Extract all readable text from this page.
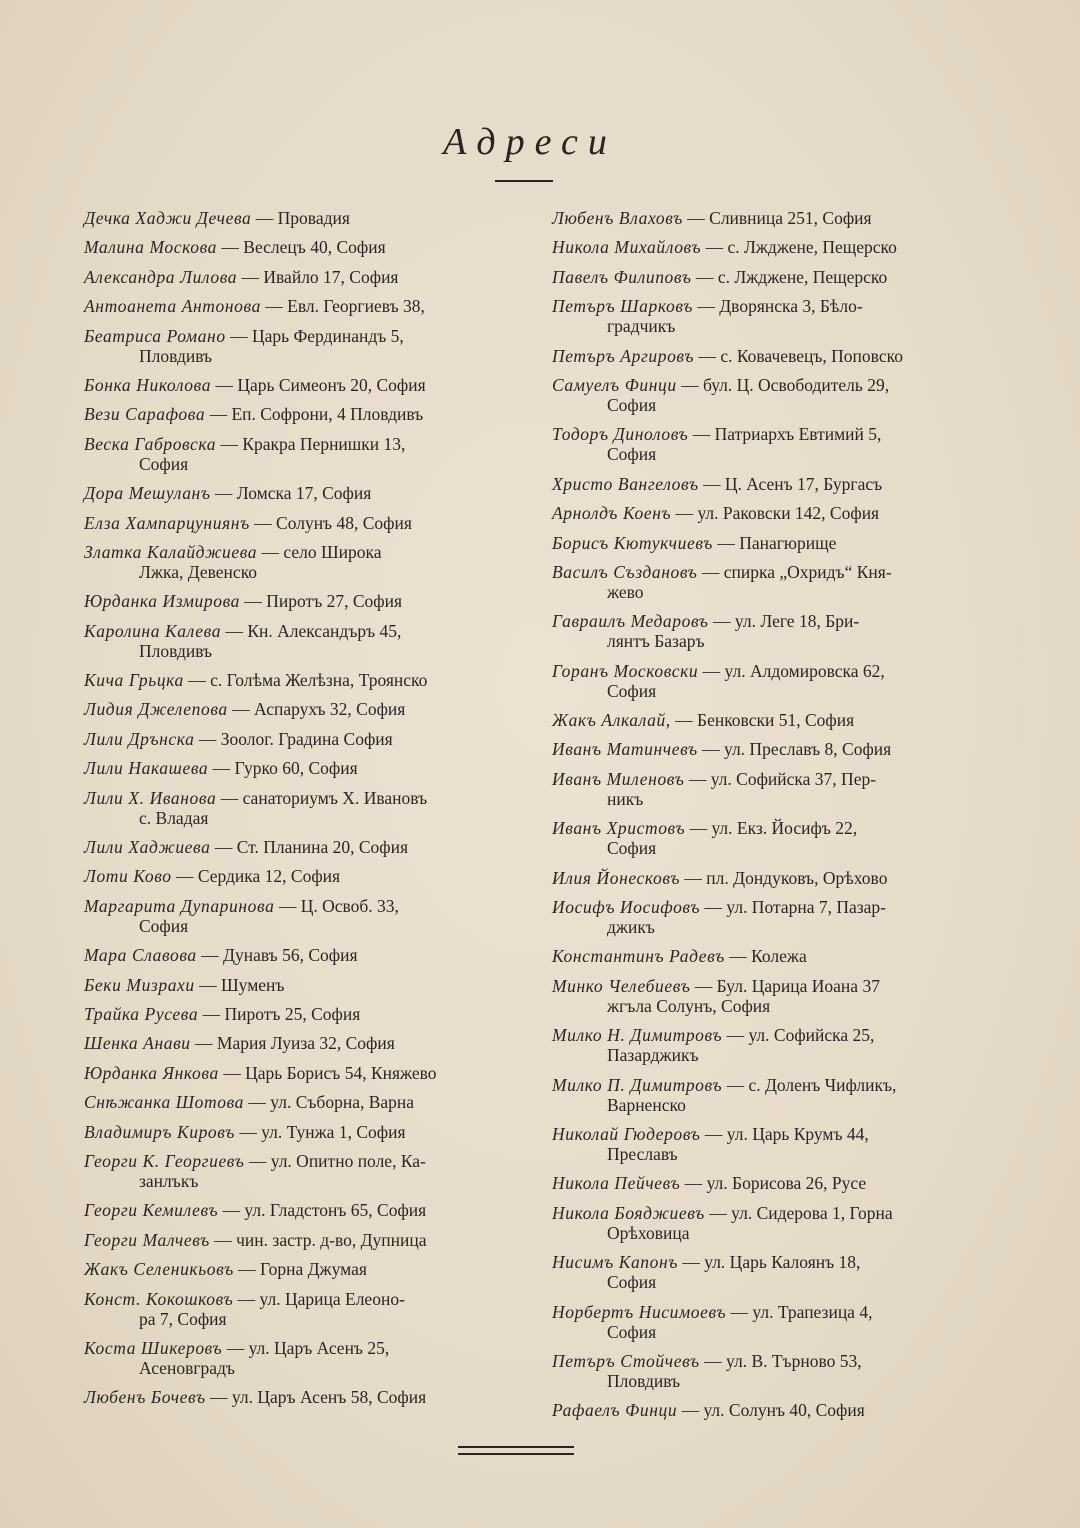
Адреси
Дечка Хаджи Дечева — Провадия
Малина Москова — Веслецъ 40, София
Александра Лилова — Ивайло 17, София
Антоанета Антонова — Евл. Георгиевъ 38,
Беатриса Романо — Царь Фердинандъ 5,
Пловдивъ
Бонка Николова — Царь Симеонъ 20, София
Вези Сарафова — Еп. Софрони, 4 Пловдивъ
Веска Габровска — Кракра Пернишки 13,
София
Дора Мешуланъ — Ломска 17, София
Елза Хампарцуниянъ — Солунъ 48, София
Златка Калайджиева — село Широка
Лжка, Девенско
Юрданка Измирова — Пиротъ 27, София
Каролина Калева — Кн. Александъръ 45,
Пловдивъ
Кича Грьцка — с. Голѣма Желѣзна, Троянско
Лидия Джелепова — Аспарухъ 32, София
Лили Дрънска — Зоолог. Градина София
Лили Накашева — Гурко 60, София
Лили Х. Иванова — санаториумъ Х. Ивановъ
с. Владая
Лили Хаджиева — Ст. Планина 20, София
Лоти Ково — Сердика 12, София
Маргарита Дупаринова — Ц. Освоб. 33,
София
Мара Славова — Дунавъ 56, София
Беки Мизрахи — Шуменъ
Трайка Русева — Пиротъ 25, София
Шенка Анави — Мария Луиза 32, София
Юрданка Янкова — Царь Борисъ 54, Княжево
Снѣжанка Шотова — ул. Съборна, Варна
Владимиръ Кировъ — ул. Тунжа 1, София
Георги К. Георгиевъ — ул. Опитно поле, Ка-
занлъкъ
Георги Кемилевъ — ул. Гладстонъ 65, София
Георги Малчевъ — чин. застр. д-во, Дупница
Жакъ Селеникьовъ — Горна Джумая
Конст. Кокошковъ — ул. Царица Елеоно-
ра 7, София
Коста Шикеровъ — ул. Царъ Асенъ 25,
Асеновградъ
Любенъ Бочевъ — ул. Царъ Асенъ 58, София
Любенъ Влаховъ — Сливница 251, София
Никола Михайловъ — с. Лжджене, Пещерско
Павелъ Филиповъ — с. Лжджене, Пещерско
Петъръ Шарковъ — Дворянска 3, Бѣло-
градчикъ
Петъръ Аргировъ — с. Ковачевецъ, Поповско
Самуелъ Финци — бул. Ц. Освободитель 29,
София
Тодоръ Диноловъ — Патриархъ Евтимий 5,
София
Христо Вангеловъ — Ц. Асенъ 17, Бургасъ
Арнолдъ Коенъ — ул. Раковски 142, София
Борисъ Кютукчиевъ — Панагюрище
Василъ Създановъ — спирка „Охридъ“ Кня-
жево
Гавраилъ Медаровъ — ул. Леге 18, Бри-
лянтъ Базаръ
Горанъ Московски — ул. Алдомировска 62,
София
Жакъ Алкалай, — Бенковски 51, София
Иванъ Матинчевъ — ул. Преславъ 8, София
Иванъ Миленовъ — ул. Софийска 37, Пер-
никъ
Иванъ Христовъ — ул. Екз. Йосифъ 22,
София
Илия Йонесковъ — пл. Дондуковъ, Орѣхово
Иосифъ Иосифовъ — ул. Потарна 7, Пазар-
джикъ
Константинъ Радевъ — Колежа
Минко Челебиевъ — Бул. Царица Иоана 37
жгъла Солунъ, София
Милко Н. Димитровъ — ул. Софийска 25,
Пазарджикъ
Милко П. Димитровъ — с. Доленъ Чифликъ,
Варненско
Николай Гюдеровъ — ул. Царь Крумъ 44,
Преславъ
Никола Пейчевъ — ул. Борисова 26, Русе
Никола Бояджиевъ — ул. Сидерова 1, Горна
Орѣховица
Нисимъ Капонъ — ул. Царь Калоянъ 18,
София
Норбертъ Нисимоевъ — ул. Трапезица 4,
София
Петъръ Стойчевъ — ул. В. Търново 53,
Пловдивъ
Рафаелъ Финци — ул. Солунъ 40, София
